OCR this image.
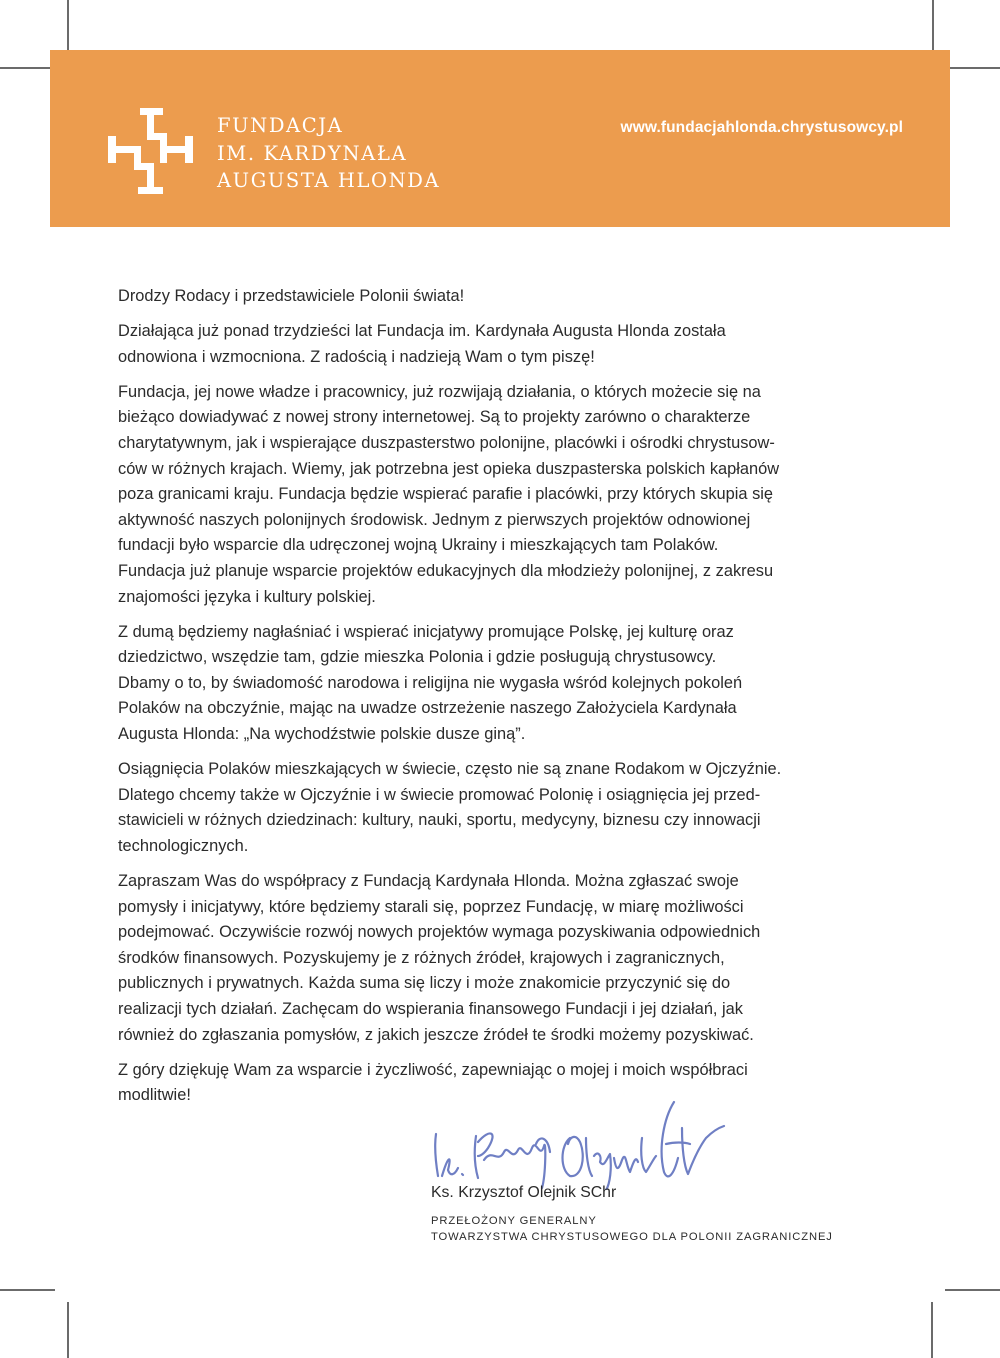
FUNDACJA
IM. KARDYNAŁA
AUGUSTA HLONDA
www.fundacjahlonda.chrystusowcy.pl

Drodzy Rodacy i przedstawiciele Polonii świata!

Działająca już ponad trzydzieści lat Fundacja im. Kardynała Augusta Hlonda została
odnowiona i wzmocniona. Z radością i nadzieją Wam o tym piszę!

Fundacja, jej nowe władze i pracownicy, już rozwijają działania, o których możecie się na
bieżąco dowiadywać z nowej strony internetowej. Są to projekty zarówno o charakterze
charytatywnym, jak i wspierające duszpasterstwo polonijne, placówki i ośrodki chrystusow-
ców w różnych krajach. Wiemy, jak potrzebna jest opieka duszpasterska polskich kapłanów
poza granicami kraju. Fundacja będzie wspierać parafie i placówki, przy których skupia się
aktywność naszych polonijnych środowisk. Jednym z pierwszych projektów odnowionej
fundacji było wsparcie dla udręczonej wojną Ukrainy i mieszkających tam Polaków.
Fundacja już planuje wsparcie projektów edukacyjnych dla młodzieży polonijnej, z zakresu
znajomości języka i kultury polskiej.

Z dumą będziemy nagłaśniać i wspierać inicjatywy promujące Polskę, jej kulturę oraz
dziedzictwo, wszędzie tam, gdzie mieszka Polonia i gdzie posługują chrystusowcy.
Dbamy o to, by świadomość narodowa i religijna nie wygasła wśród kolejnych pokoleń
Polaków na obczyźnie, mając na uwadze ostrzeżenie naszego Założyciela Kardynała
Augusta Hlonda: „Na wychodźstwie polskie dusze giną”.

Osiągnięcia Polaków mieszkających w świecie, często nie są znane Rodakom w Ojczyźnie.
Dlatego chcemy także w Ojczyźnie i w świecie promować Polonię i osiągnięcia jej przed-
stawicieli w różnych dziedzinach: kultury, nauki, sportu, medycyny, biznesu czy innowacji
technologicznych.

Zapraszam Was do współpracy z Fundacją Kardynała Hlonda. Można zgłaszać swoje
pomysły i inicjatywy, które będziemy starali się, poprzez Fundację, w miarę możliwości
podejmować. Oczywiście rozwój nowych projektów wymaga pozyskiwania odpowiednich
środków finansowych. Pozyskujemy je z różnych źródeł, krajowych i zagranicznych,
publicznych i prywatnych. Każda suma się liczy i może znakomicie przyczynić się do
realizacji tych działań. Zachęcam do wspierania finansowego Fundacji i jej działań, jak
również do zgłaszania pomysłów, z jakich jeszcze źródeł te środki możemy pozyskiwać.

Z góry dziękuję Wam za wsparcie i życzliwość, zapewniając o mojej i moich współbraci
modlitwie!

Ks. Krzysztof Olejnik SChr
PRZEŁOŻONY GENERALNY
TOWARZYSTWA CHRYSTUSOWEGO DLA POLONII ZAGRANICZNEJ
